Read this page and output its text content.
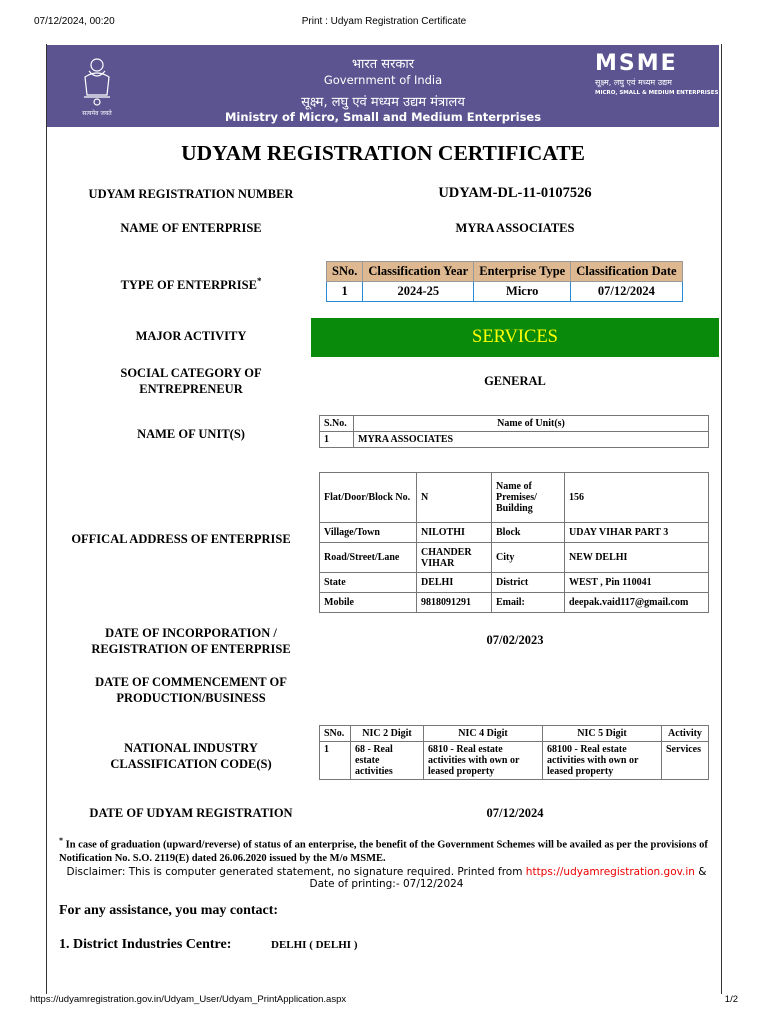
07/12/2024, 00:20	Print : Udyam Registration Certificate
सत्यमेव जयते
भारत सरकार
Government of India
सूक्ष्म, लघु एवं मध्यम उद्यम मंत्रालय
Ministry of Micro, Small and Medium Enterprises
MSME
सूक्ष्म, लघु एवं मध्यम उद्यम
MICRO, SMALL & MEDIUM ENTERPRISES
UDYAM REGISTRATION CERTIFICATE
UDYAM REGISTRATION NUMBER	UDYAM-DL-11-0107526
NAME OF ENTERPRISE	MYRA ASSOCIATES
TYPE OF ENTERPRISE*
SNo.	Classification Year	Enterprise Type	Classification Date
1	2024-25	Micro	07/12/2024
MAJOR ACTIVITY	SERVICES
SOCIAL CATEGORY OF
ENTREPRENEUR
GENERAL
NAME OF UNIT(S)
S.No.	Name of Unit(s)
1	MYRA ASSOCIATES
OFFICAL ADDRESS OF ENTERPRISE
Flat/Door/Block No.	N	Name of Premises/ Building	156
Village/Town	NILOTHI	Block	UDAY VIHAR PART 3
Road/Street/Lane	CHANDER VIHAR	City	NEW DELHI
State	DELHI	District	WEST , Pin 110041
Mobile	9818091291	Email:	deepak.vaid117@gmail.com
DATE OF INCORPORATION /
REGISTRATION OF ENTERPRISE
07/02/2023
DATE OF COMMENCEMENT OF
PRODUCTION/BUSINESS
NATIONAL INDUSTRY
CLASSIFICATION CODE(S)
SNo.	NIC 2 Digit	NIC 4 Digit	NIC 5 Digit	Activity
1	68 - Real estate activities	6810 - Real estate activities with own or leased property	68100 - Real estate activities with own or leased property	Services
DATE OF UDYAM REGISTRATION	07/12/2024
* In case of graduation (upward/reverse) of status of an enterprise, the benefit of the Government Schemes will be availed as per the provisions of Notification No. S.O. 2119(E) dated 26.06.2020 issued by the M/o MSME.
Disclaimer: This is computer generated statement, no signature required. Printed from https://udyamregistration.gov.in & Date of printing:- 07/12/2024
For any assistance, you may contact:
1. District Industries Centre:	DELHI ( DELHI )
https://udyamregistration.gov.in/Udyam_User/Udyam_PrintApplication.aspx	1/2
